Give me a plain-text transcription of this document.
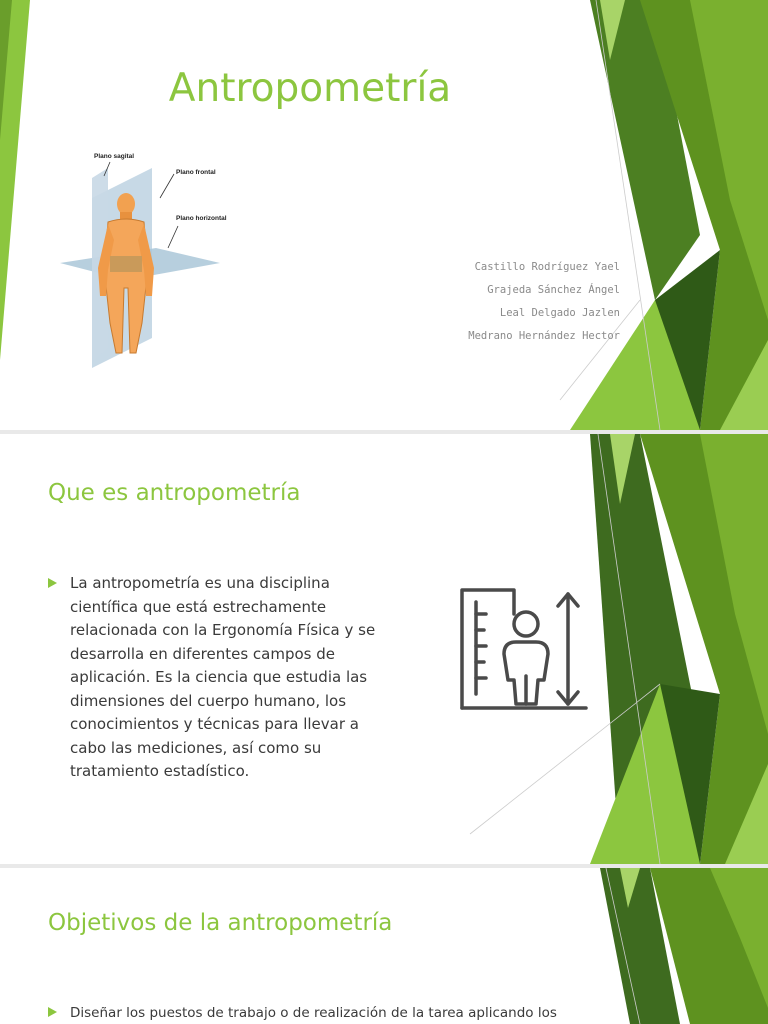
Antropometría
Plano sagital
Plano frontal
Plano horizontal
Castillo Rodríguez Yael
Grajeda Sánchez Ángel
Leal Delgado Jazlen
Medrano Hernández Hector
Que es antropometría
La antropometría es una disciplina científica que está estrechamente relacionada con la Ergonomía Física y se desarrolla en diferentes campos de aplicación. Es la ciencia que estudia las dimensiones del cuerpo humano, los conocimientos y técnicas para llevar a cabo las mediciones, así como su tratamiento estadístico.
Objetivos de la antropometría
Diseñar los puestos de trabajo o de realización de la tarea aplicando los
